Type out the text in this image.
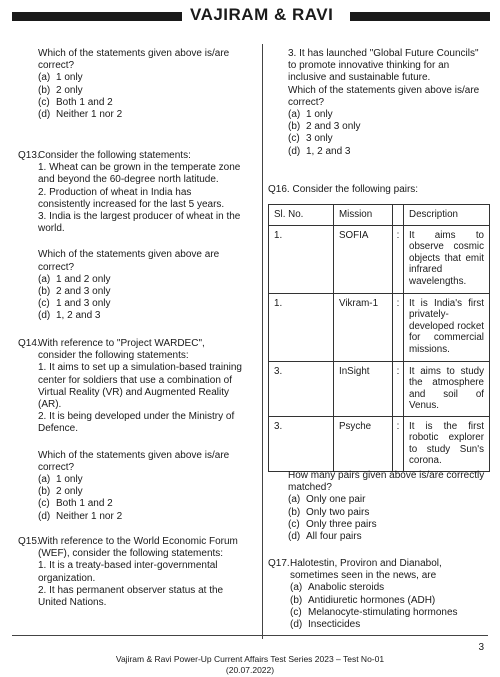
VAJIRAM & RAVI

Which of the statements given above is/are correct?

(a) 1 only
(b) 2 only
(c) Both 1 and 2
(d) Neither 1 nor 2
Q13.

Consider the following statements:

1. Wheat can be grown in the temperate zone and beyond the 60-degree north latitude.

2. Production of wheat in India has consistently increased for the last 5 years.

3. India is the largest producer of wheat in the world.

Which of the statements given above are correct?

(a) 1 and 2 only
(b) 2 and 3 only
(c) 1 and 3 only
(d) 1, 2 and 3
Q14.

With reference to "Project WARDEC", consider the following statements:

1. It aims to set up a simulation-based training center for soldiers that use a combination of Virtual Reality (VR) and Augmented Reality (AR).

2. It is being developed under the Ministry of Defence.

Which of the statements given above is/are correct?

(a) 1 only
(b) 2 only
(c) Both 1 and 2
(d) Neither 1 nor 2
Q15.

With reference to the World Economic Forum (WEF), consider the following statements:

1. It is a treaty-based inter-governmental organization.

2. It has permanent observer status at the United Nations.

3. It has launched "Global Future Councils" to promote innovative thinking for an inclusive and sustainable future.

Which of the statements given above is/are correct?

(a) 1 only
(b) 2 and 3 only
(c) 3 only
(d) 1, 2 and 3
Q16. Consider the following pairs:
Sl. No.	Mission		Description
1.	SOFIA	:	It aims to observe cosmic objects that emit infrared wavelengths.
1.	Vikram-1	:	It is India's first privately-developed rocket for commercial missions.
3.	InSight	:	It aims to study the atmosphere and soil of Venus.
3.	Psyche	:	It is the first robotic explorer to study Sun's corona.

How many pairs given above is/are correctly matched?

(a) Only one pair
(b) Only two pairs
(c) Only three pairs
(d) All four pairs
Q17. Halotestin, Proviron and Dianabol, sometimes seen in the news, are

(a) Anabolic steroids
(b) Antidiuretic hormones (ADH)
(c) Melanocyte-stimulating hormones
(d) Insecticides
3
Vajiram & Ravi Power-Up Current Affairs Test Series 2023 – Test No-01
(20.07.2022)
